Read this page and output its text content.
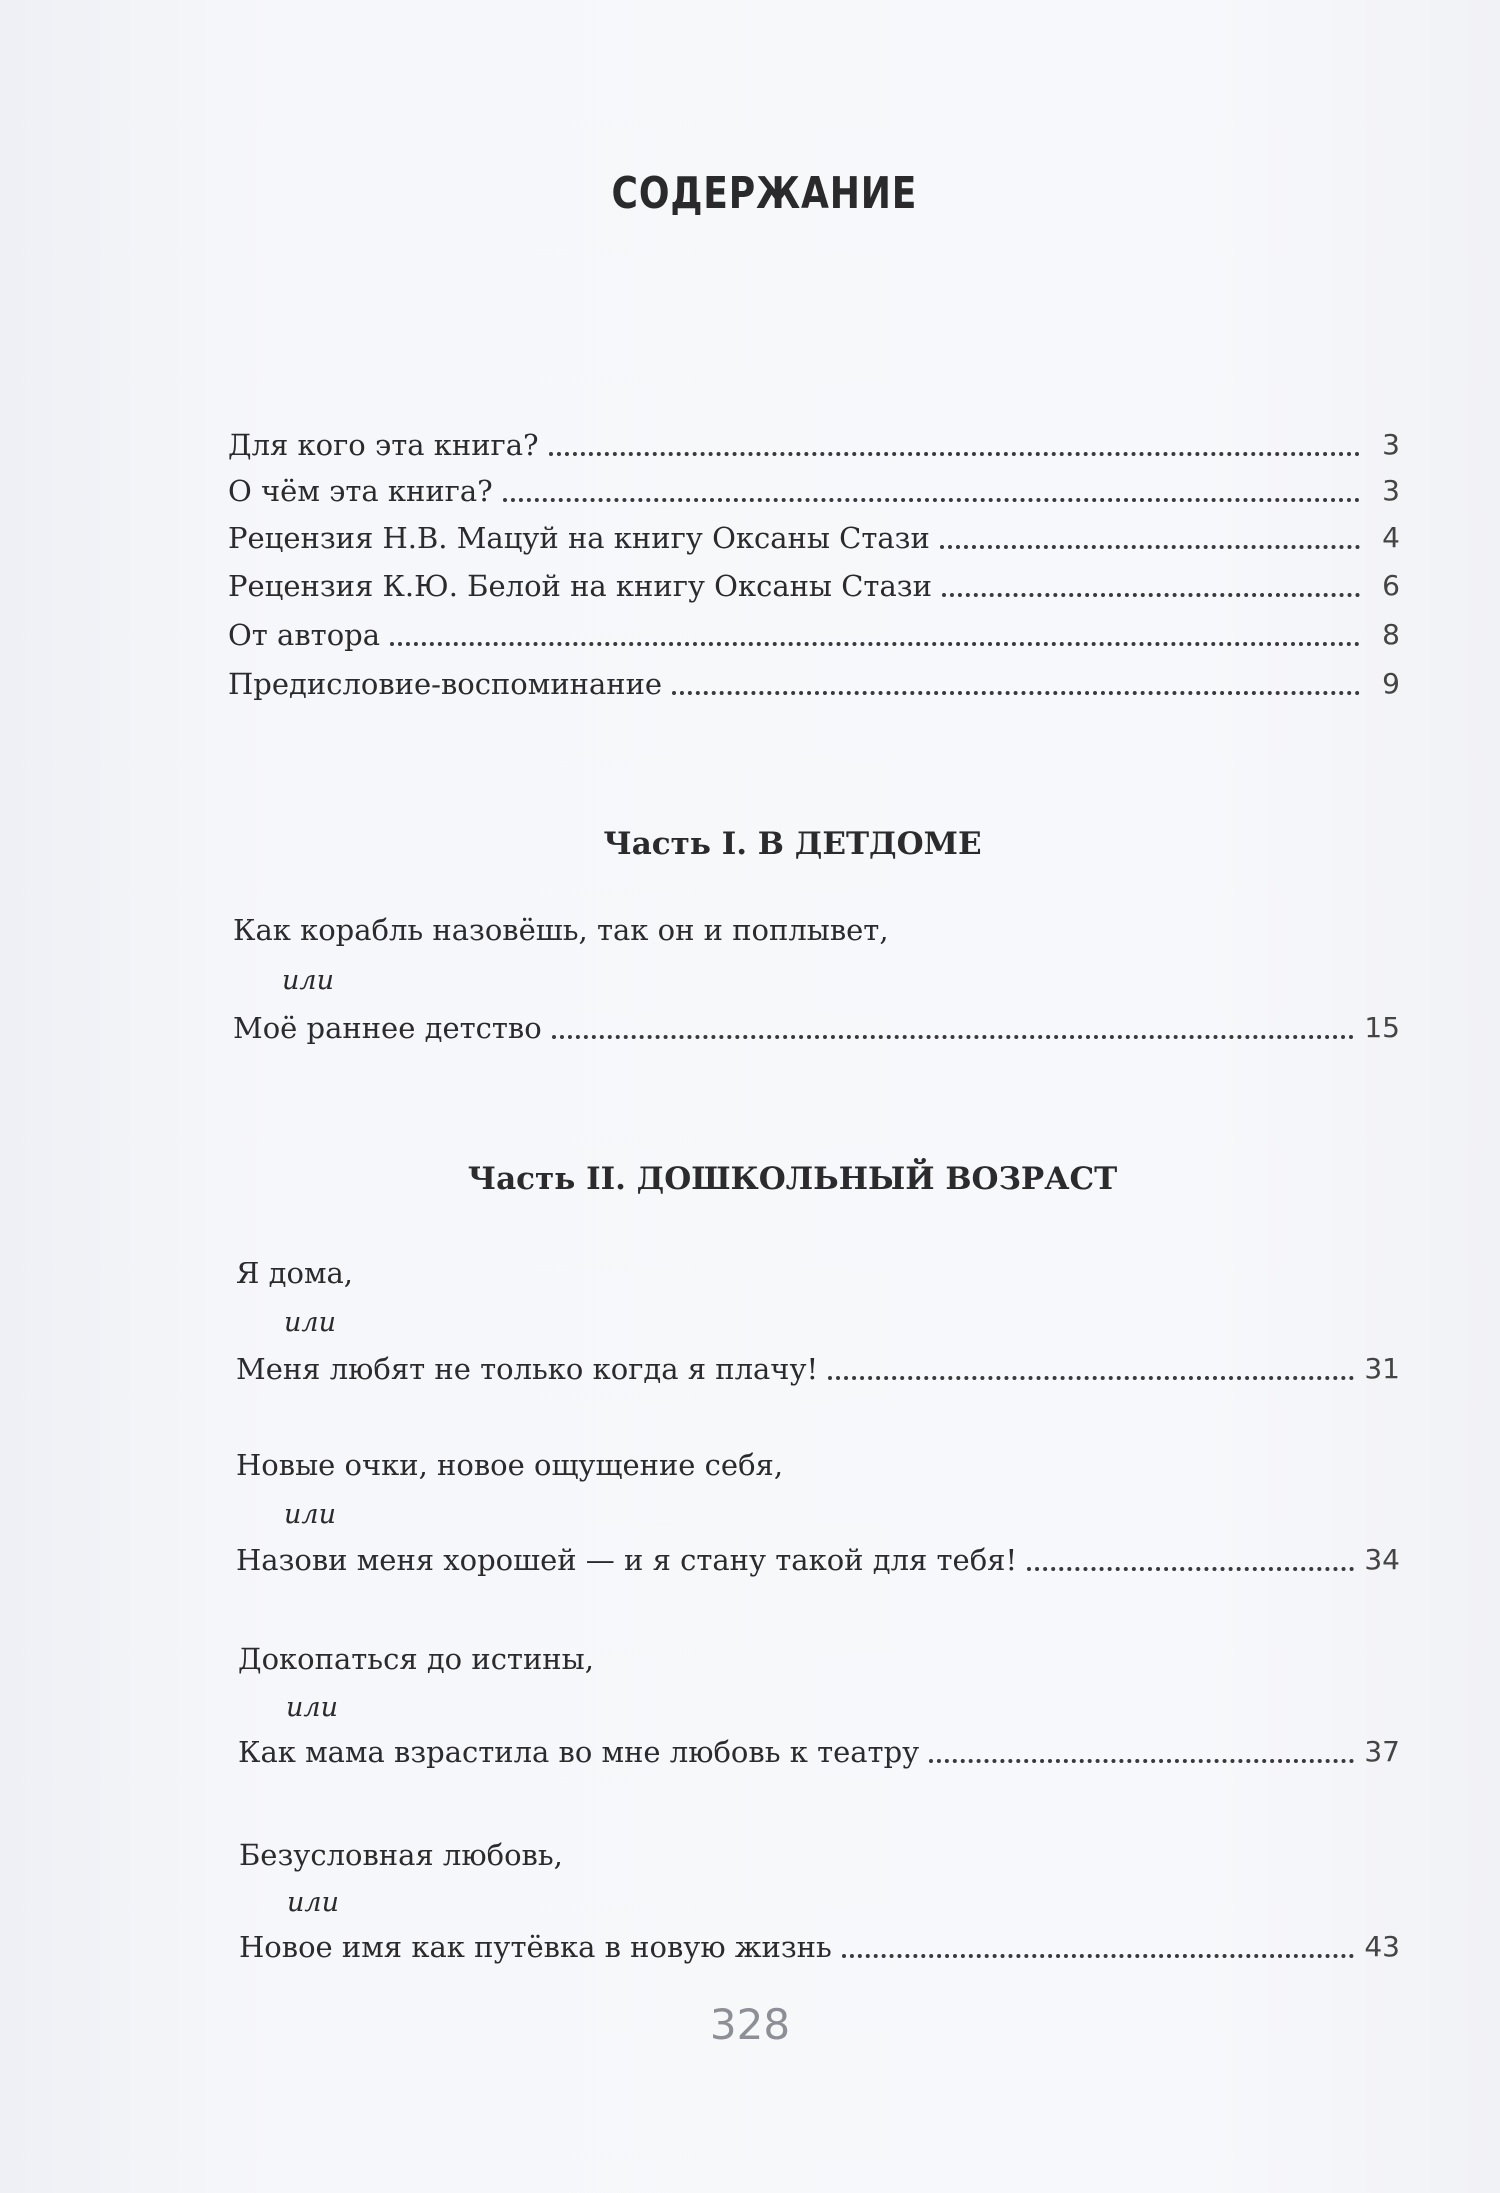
СОДЕРЖАНИЕ
Для кого эта книга?	3
О чём эта книга?	3
Рецензия Н.В. Мацуй на книгу Оксаны Стази	4
Рецензия К.Ю. Белой на книгу Оксаны Стази	6
От автора	8
Предисловие-воспоминание	9
Часть I. В ДЕТДОМЕ
Как корабль назовёшь, так он и поплывет,
или
Моё раннее детство	15
Часть II. ДОШКОЛЬНЫЙ ВОЗРАСТ
Я дома,
или
Меня любят не только когда я плачу!	31
Новые очки, новое ощущение себя,
или
Назови меня хорошей — и я стану такой для тебя!	34
Докопаться до истины,
или
Как мама взрастила во мне любовь к театру	37
Безусловная любовь,
или
Новое имя как путёвка в новую жизнь	43
328
